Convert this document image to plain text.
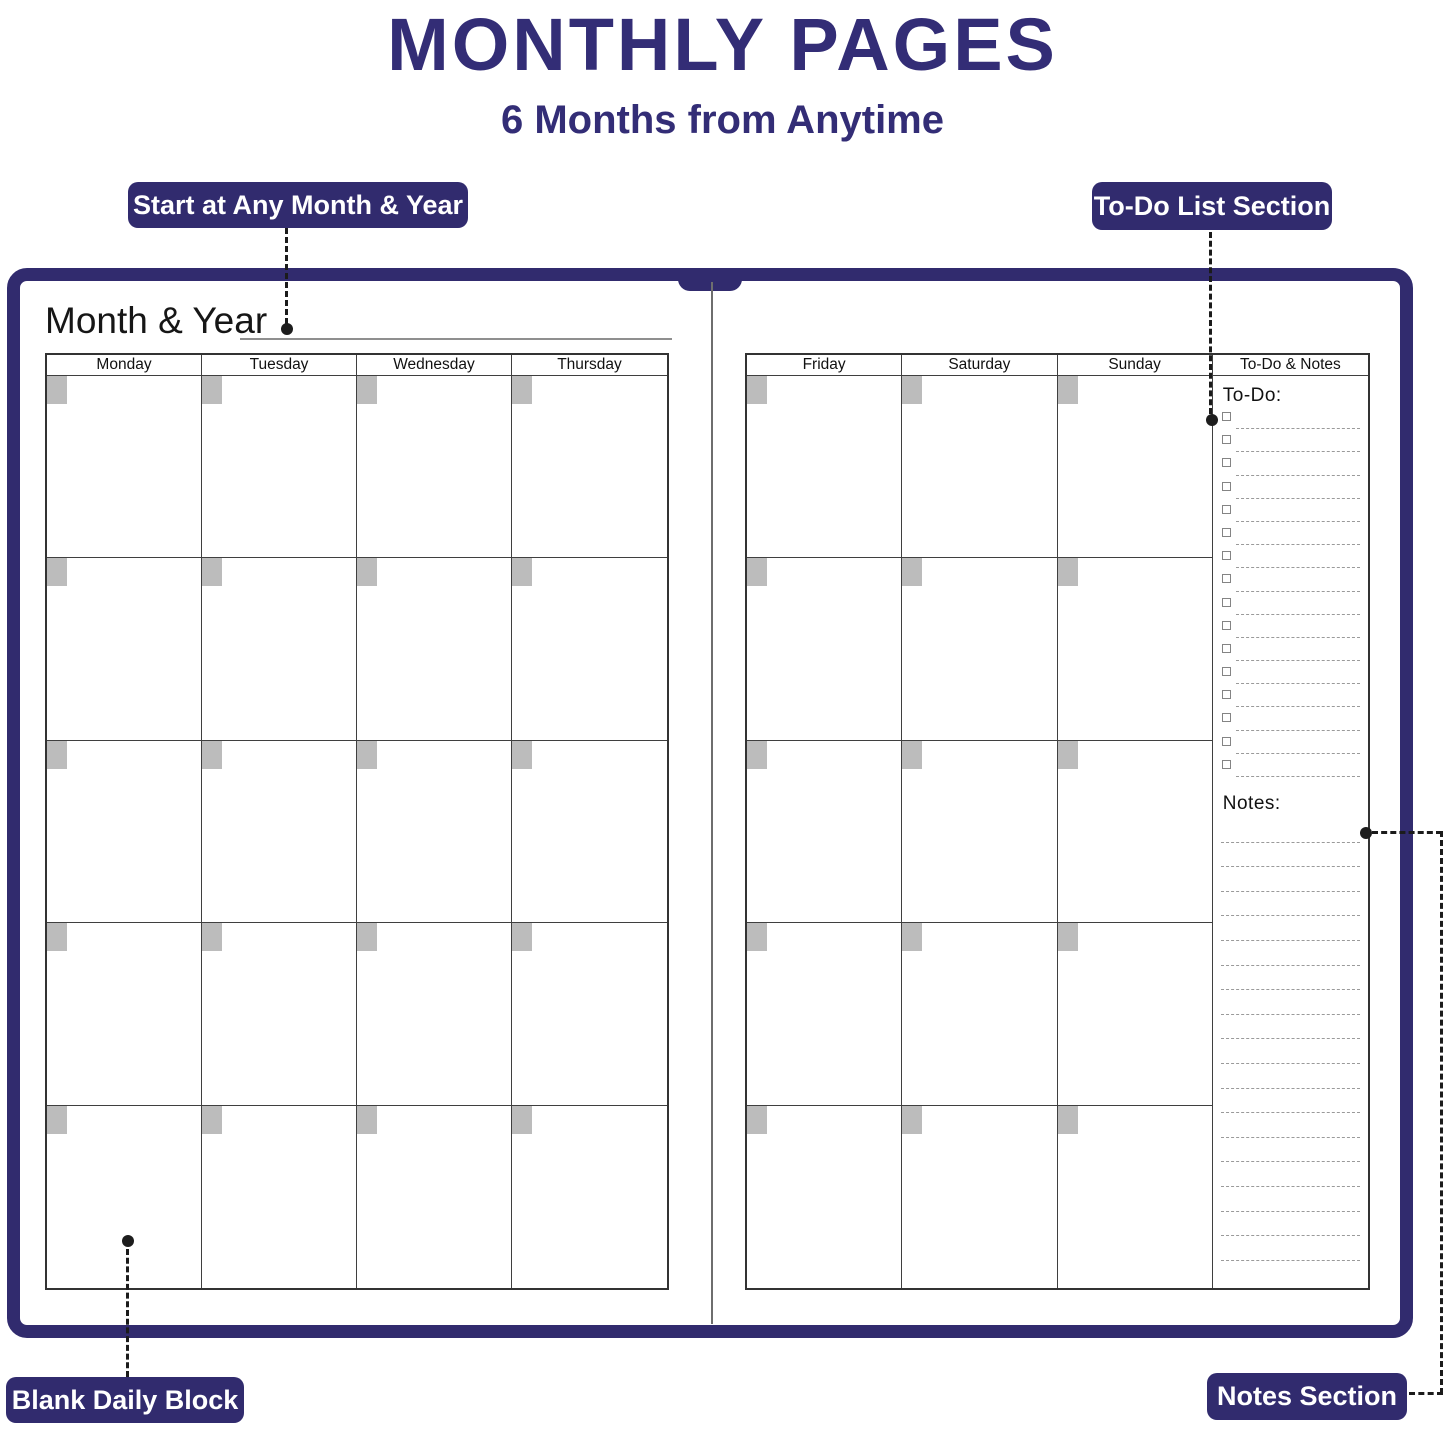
MONTHLY PAGES
6 Months from Anytime
Month & Year
Monday	Tuesday	Wednesday	Thursday	Friday	Saturday	Sunday	To-Do & Notes
To-Do:
Notes:
Start at Any Month & Year	To-Do List Section
Blank Daily Block	Notes Section
